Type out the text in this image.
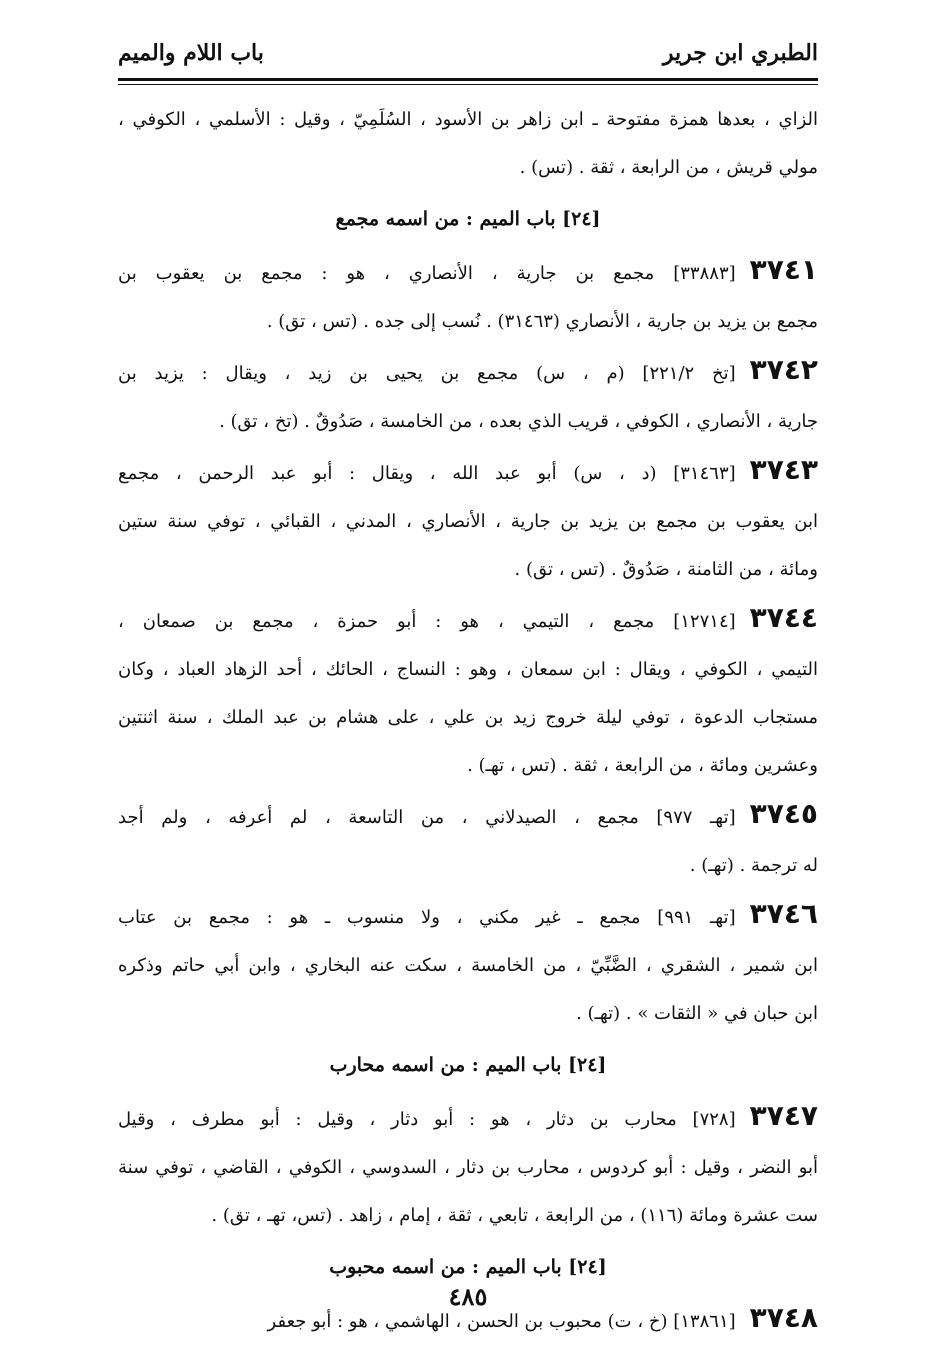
الطبري ابن جرير
باب اللام والميم
الزاي ، بعدها همزة مفتوحة ـ ابن زاهر بن الأسود ، السُلَمِيّ ، وقيل : الأسلمي ، الكوفي ،
مولي قريش ، من الرابعة ، ثقة . (تس) .
[٢٤] باب الميم : من اسمه مجمع
٣٧٤١[٣٣٨٨٣] مجمع بن جارية ، الأنصاري ، هو : مجمع بن يعقوب بن
مجمع بن يزيد بن جارية ، الأنصاري (٣١٤٦٣) . نُسب إلى جده . (تس ، تق) .
٣٧٤٢[تخ ٢٢١/٢] (م ، س) مجمع بن يحيى بن زيد ، ويقال : يزيد بن
جارية ، الأنصاري ، الكوفي ، قريب الذي بعده ، من الخامسة ، صَدُوقٌ . (تخ ، تق) .
٣٧٤٣[٣١٤٦٣] (د ، س) أبو عبد الله ، ويقال : أبو عبد الرحمن ، مجمع
ابن يعقوب بن مجمع بن يزيد بن جارية ، الأنصاري ، المدني ، القبائي ، توفي سنة ستين
ومائة ، من الثامنة ، صَدُوقٌ . (تس ، تق) .
٣٧٤٤[١٢٧١٤] مجمع ، التيمي ، هو : أبو حمزة ، مجمع بن صمعان ،
التيمي ، الكوفي ، ويقال : ابن سمعان ، وهو : النساج ، الحائك ، أحد الزهاد العباد ، وكان
مستجاب الدعوة ، توفي ليلة خروج زيد بن علي ، على هشام بن عبد الملك ، سنة اثنتين
وعشرين ومائة ، من الرابعة ، ثقة . (تس ، تهـ) .
٣٧٤٥[تهـ ٩٧٧] مجمع ، الصيدلاني ، من التاسعة ، لم أعرفه ، ولم أجد
له ترجمة . (تهـ) .
٣٧٤٦[تهـ ٩٩١] مجمع ـ غير مكني ، ولا منسوب ـ هو : مجمع بن عتاب
ابن شمير ، الشقري ، الضَّبِّيّ ، من الخامسة ، سكت عنه البخاري ، وابن أبي حاتم وذكره
ابن حبان في « الثقات » . (تهـ) .
[٢٤] باب الميم : من اسمه محارب
٣٧٤٧[٧٢٨] محارب بن دثار ، هو : أبو دثار ، وقيل : أبو مطرف ، وقيل
أبو النضر ، وقيل : أبو كردوس ، محارب بن دثار ، السدوسي ، الكوفي ، القاضي ، توفي سنة
ست عشرة ومائة (١١٦) ، من الرابعة ، تابعي ، ثقة ، إمام ، زاهد . (تس، تهـ ، تق) .
[٢٤] باب الميم : من اسمه محبوب
٣٧٤٨[١٣٨٦١] (خ ، ت) محبوب بن الحسن ، الهاشمي ، هو : أبو جعفر
٤٨٥
